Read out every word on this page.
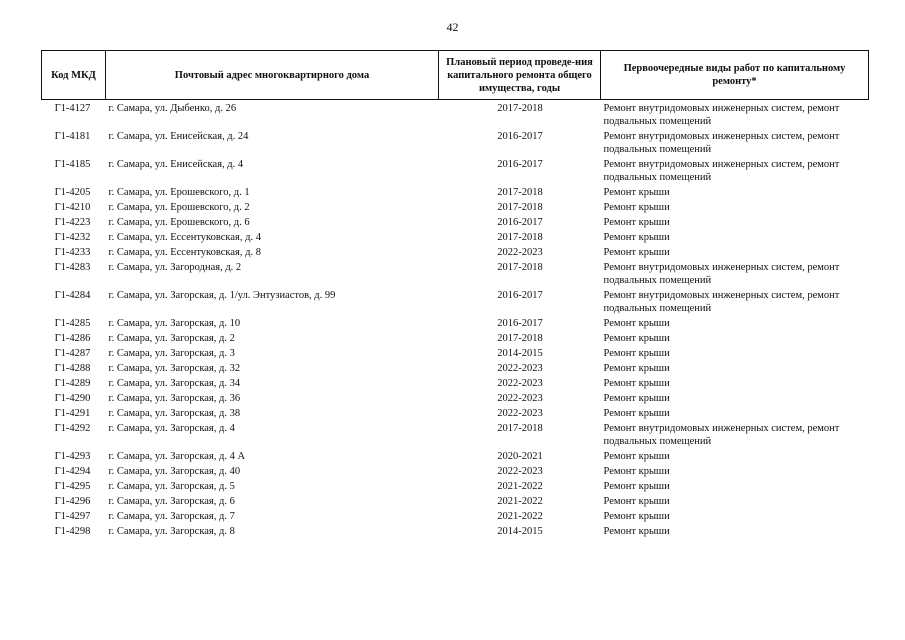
42
Код МКД	Почтовый адрес многоквартирного дома	Плановый период проведе-ния капитального ремонта общего имущества, годы	Первоочередные виды работ по капитальному ремонту*
Г1-4127	г. Самара, ул. Дыбенко, д. 26	2017-2018	Ремонт внутридомовых инженерных систем, ремонт подвальных помещений
Г1-4181	г. Самара, ул. Енисейская, д. 24	2016-2017	Ремонт внутридомовых инженерных систем, ремонт подвальных помещений
Г1-4185	г. Самара, ул. Енисейская, д. 4	2016-2017	Ремонт внутридомовых инженерных систем, ремонт подвальных помещений
Г1-4205	г. Самара, ул. Ерошевского, д. 1	2017-2018	Ремонт крыши
Г1-4210	г. Самара, ул. Ерошевского, д. 2	2017-2018	Ремонт крыши
Г1-4223	г. Самара, ул. Ерошевского, д. 6	2016-2017	Ремонт крыши
Г1-4232	г. Самара, ул. Ессентуковская, д. 4	2017-2018	Ремонт крыши
Г1-4233	г. Самара, ул. Ессентуковская, д. 8	2022-2023	Ремонт крыши
Г1-4283	г. Самара, ул. Загородная, д. 2	2017-2018	Ремонт внутридомовых инженерных систем, ремонт подвальных помещений
Г1-4284	г. Самара, ул. Загорская, д. 1/ул. Энтузиастов, д. 99	2016-2017	Ремонт внутридомовых инженерных систем, ремонт подвальных помещений
Г1-4285	г. Самара, ул. Загорская, д. 10	2016-2017	Ремонт крыши
Г1-4286	г. Самара, ул. Загорская, д. 2	2017-2018	Ремонт крыши
Г1-4287	г. Самара, ул. Загорская, д. 3	2014-2015	Ремонт крыши
Г1-4288	г. Самара, ул. Загорская, д. 32	2022-2023	Ремонт крыши
Г1-4289	г. Самара, ул. Загорская, д. 34	2022-2023	Ремонт крыши
Г1-4290	г. Самара, ул. Загорская, д. 36	2022-2023	Ремонт крыши
Г1-4291	г. Самара, ул. Загорская, д. 38	2022-2023	Ремонт крыши
Г1-4292	г. Самара, ул. Загорская, д. 4	2017-2018	Ремонт внутридомовых инженерных систем, ремонт подвальных помещений
Г1-4293	г. Самара, ул. Загорская, д. 4 А	2020-2021	Ремонт крыши
Г1-4294	г. Самара, ул. Загорская, д. 40	2022-2023	Ремонт крыши
Г1-4295	г. Самара, ул. Загорская, д. 5	2021-2022	Ремонт крыши
Г1-4296	г. Самара, ул. Загорская, д. 6	2021-2022	Ремонт крыши
Г1-4297	г. Самара, ул. Загорская, д. 7	2021-2022	Ремонт крыши
Г1-4298	г. Самара, ул. Загорская, д. 8	2014-2015	Ремонт крыши
